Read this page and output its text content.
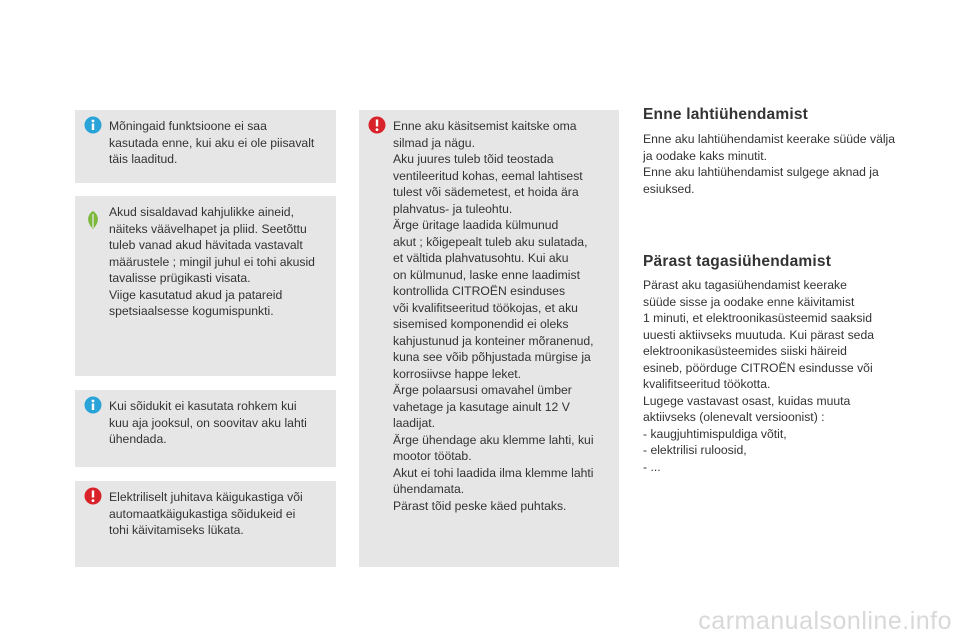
Mõningaid funktsioone ei saa
kasutada enne, kui aku ei ole piisavalt
täis laaditud.
Akud sisaldavad kahjulikke aineid,
näiteks väävelhapet ja pliid. Seetõttu
tuleb vanad akud hävitada vastavalt
määrustele ; mingil juhul ei tohi akusid
tavalisse prügikasti visata.
Viige kasutatud akud ja patareid
spetsiaalsesse kogumispunkti.
Kui sõidukit ei kasutata rohkem kui
kuu aja jooksul, on soovitav aku lahti
ühendada.
Elektriliselt juhitava käigukastiga või
automaatkäigukastiga sõidukeid ei
tohi käivitamiseks lükata.
Enne aku käsitsemist kaitske oma
silmad ja nägu.
Aku juures tuleb tõid teostada
ventileeritud kohas, eemal lahtisest
tulest või sädemetest, et hoida ära
plahvatus- ja tuleohtu.
Ärge üritage laadida külmunud
akut ; kõigepealt tuleb aku sulatada,
et vältida plahvatusohtu. Kui aku
on külmunud, laske enne laadimist
kontrollida CITROËN esinduses
või kvalifitseeritud töökojas, et aku
sisemised komponendid ei oleks
kahjustunud ja konteiner mõranenud,
kuna see võib põhjustada mürgise ja
korrosiivse happe leket.
Ärge polaarsusi omavahel ümber
vahetage ja kasutage ainult 12 V
laadijat.
Ärge ühendage aku klemme lahti, kui
mootor töötab.
Akut ei tohi laadida ilma klemme lahti
ühendamata.
Pärast tõid peske käed puhtaks.
Enne lahtiühendamist
Enne aku lahtiühendamist keerake süüde välja
ja oodake kaks minutit.
Enne aku lahtiühendamist sulgege aknad ja
esiuksed.
Pärast tagasiühendamist
Pärast aku tagasiühendamist keerake
süüde sisse ja oodake enne käivitamist
1 minuti, et elektroonikasüsteemid saaksid
uuesti aktiivseks muutuda. Kui pärast seda
elektroonikasüsteemides siiski häireid
esineb, pöörduge CITROËN esindusse või
kvalifitseeritud töökotta.
Lugege vastavast osast, kuidas muuta
aktiivseks (olenevalt versioonist) :
- kaugjuhtimispuldiga võtit,
- elektrilisi ruloosid,
- ...
carmanualsonline.info
